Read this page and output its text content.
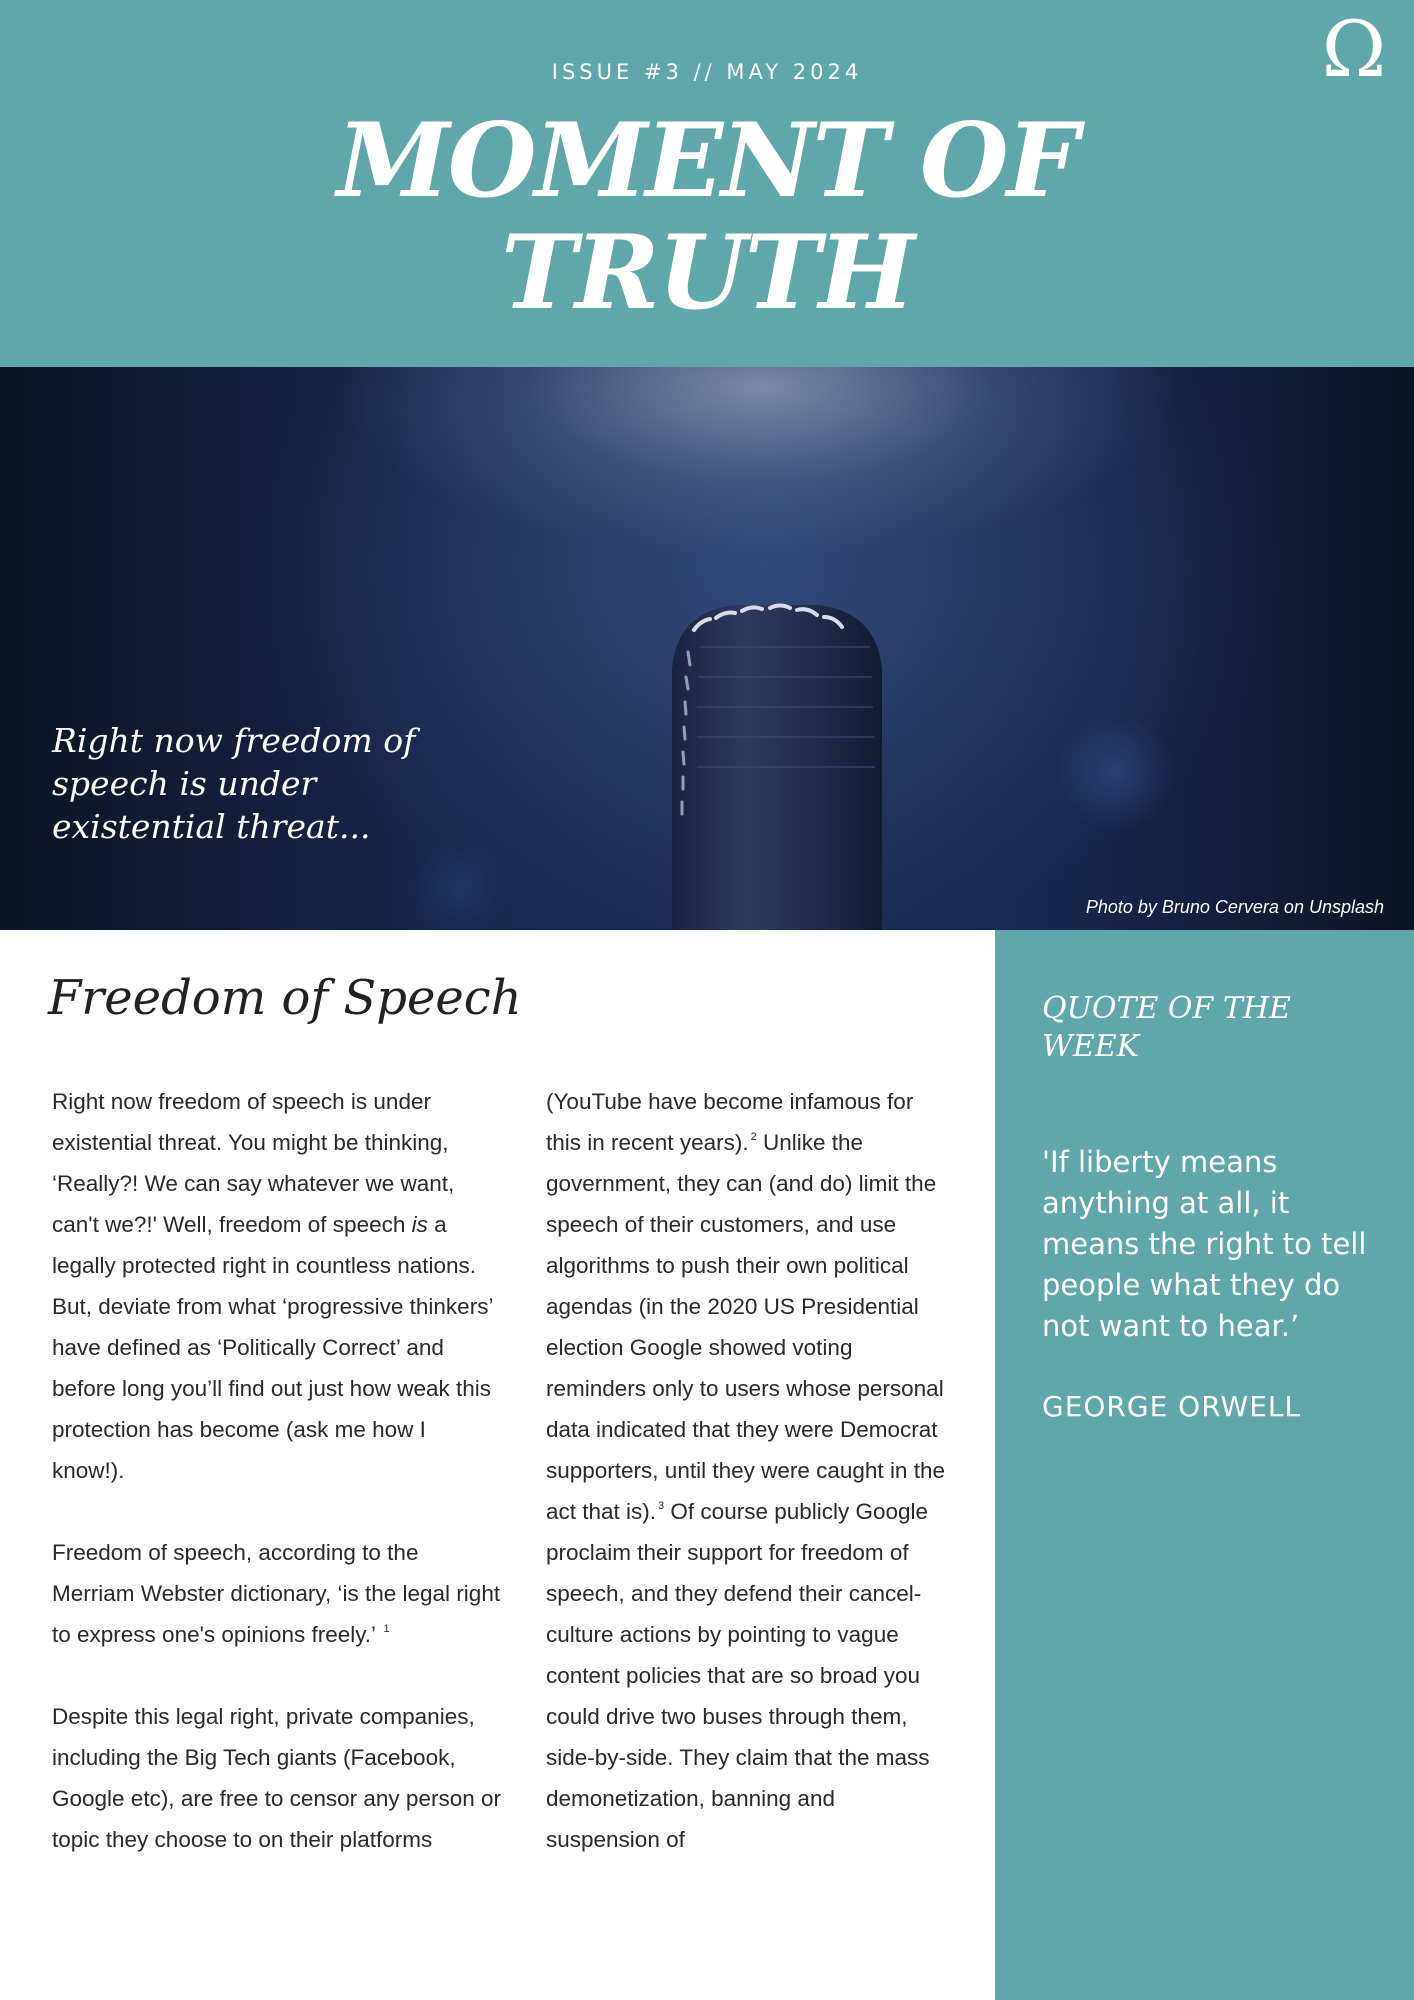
ISSUE #3 // MAY 2024
MOMENT OF
TRUTH
Ω
Right now freedom of speech is under existential threat...
Photo by Bruno Cervera on Unsplash
Freedom of Speech

Right now freedom of speech is under existential threat. You might be thinking, ‘Really?! We can say whatever we want, can't we?!' Well, freedom of speech is a legally protected right in countless nations. But, deviate from what ‘progressive thinkers’ have defined as ‘Politically Correct’ and before long you’ll find out just how weak this protection has become (ask me how I know!).

Freedom of speech, according to the Merriam Webster dictionary, ‘is the legal right to express one's opinions freely.’ $^1$

Despite this legal right, private companies, including the Big Tech giants (Facebook, Google etc), are free to censor any person or topic they choose to on their platforms

(YouTube have become infamous for this in recent years). $^2$ Unlike the government, they can (and do) limit the speech of their customers, and use algorithms to push their own political agendas (in the 2020 US Presidential election Google showed voting reminders only to users whose personal data indicated that they were Democrat supporters, until they were caught in the act that is). $^3$ Of course publicly Google proclaim their support for freedom of speech, and they defend their cancel-culture actions by pointing to vague content policies that are so broad you could drive two buses through them, side-by-side. They claim that the mass demonetization, banning and suspension of

QUOTE OF THE WEEK
'If liberty means anything at all, it means the right to tell people what they do not want to hear.’
GEORGE ORWELL
